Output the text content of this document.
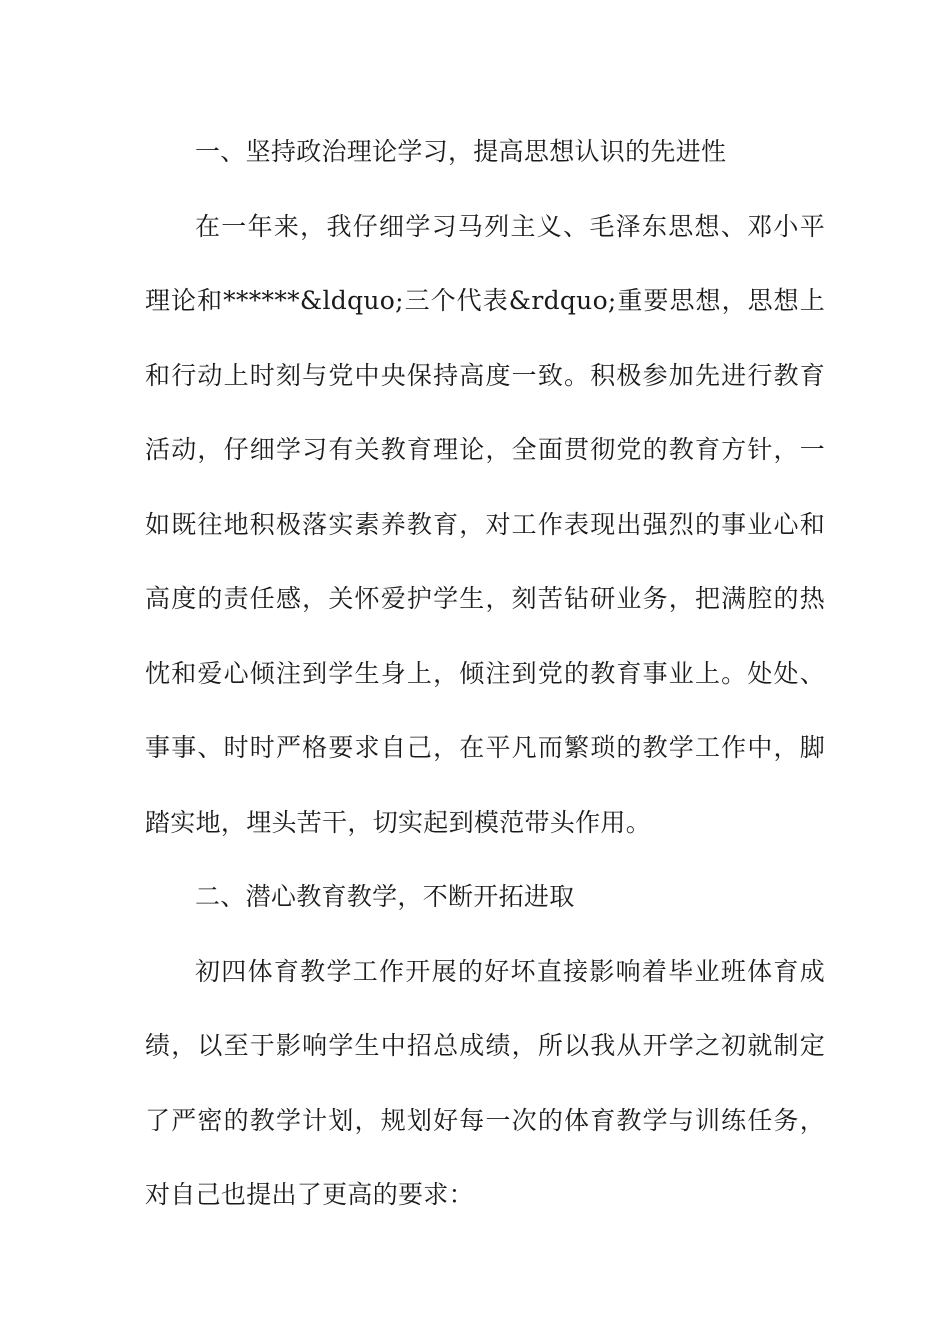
一、坚持政治理论学习，提高思想认识的先进性

在一年来，我仔细学习马列主义、毛泽东思想、邓小平理论和******&ldquo;三个代表&rdquo;重要思想，思想上和行动上时刻与党中央保持高度一致。积极参加先进行教育活动，仔细学习有关教育理论，全面贯彻党的教育方针，一如既往地积极落实素养教育，对工作表现出强烈的事业心和高度的责任感，关怀爱护学生，刻苦钻研业务，把满腔的热忱和爱心倾注到学生身上，倾注到党的教育事业上。处处、事事、时时严格要求自己，在平凡而繁琐的教学工作中，脚踏实地，埋头苦干，切实起到模范带头作用。

二、潜心教育教学，不断开拓进取

初四体育教学工作开展的好坏直接影响着毕业班体育成绩，以至于影响学生中招总成绩，所以我从开学之初就制定了严密的教学计划，规划好每一次的体育教学与训练任务，对自己也提出了更高的要求：
